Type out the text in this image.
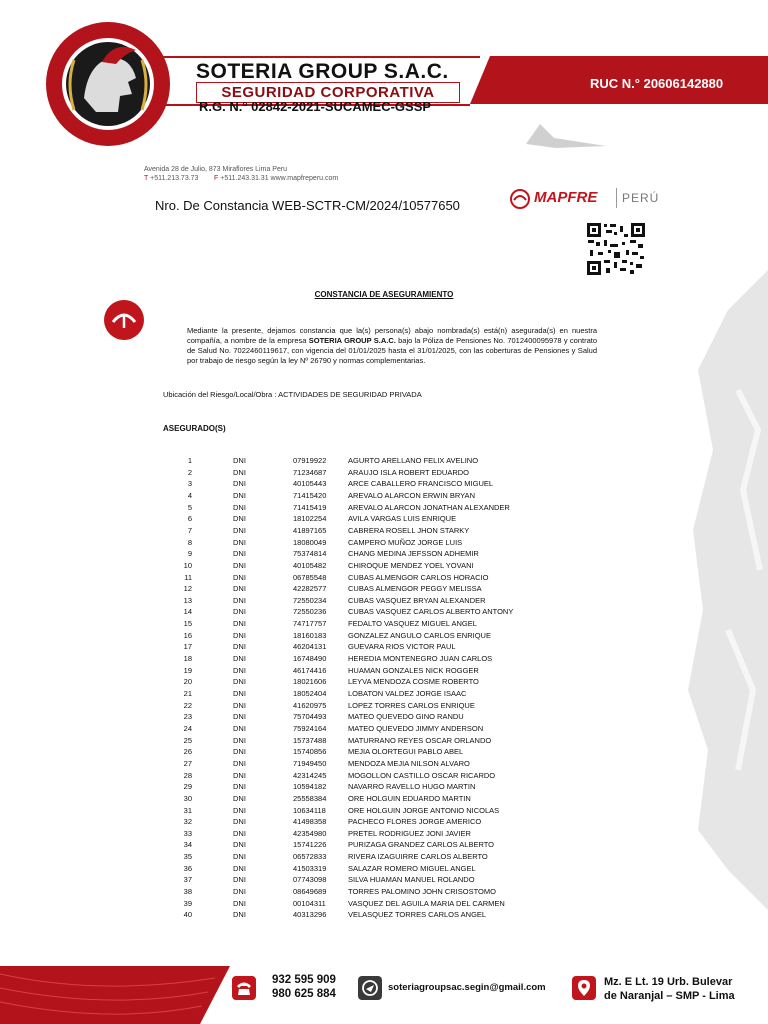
SOTERIA GROUP S.A.C.
SEGURIDAD CORPORATIVA
R.G. N.° 02842-2021-SUCAMEC-GSSP
RUC N.° 20606142880
Avenida 28 de Julio, 873 Miraflores Lima Peru
T +511.213.73.73 F +511.243.31.31 www.mapfreperu.com
Nro. De Constancia WEB-SCTR-CM/2024/10577650	MAPFRE PERÚ
CONSTANCIA DE ASEGURAMIENTO
Mediante la presente, dejamos constancia que la(s) persona(s) abajo nombrada(s) está(n) asegurada(s) en nuestra compañía, a nombre de la empresa SOTERIA GROUP S.A.C. bajo la Póliza de Pensiones No. 7012400095978 y contrato de Salud No. 7022460119617, con vigencia del 01/01/2025 hasta el 31/01/2025, con las coberturas de Pensiones y Salud por trabajo de riesgo según la ley Nº 26790 y normas complementarias.
Ubicación del Riesgo/Local/Obra : ACTIVIDADES DE SEGURIDAD PRIVADA
ASEGURADO(S)
1	DNI	07919922	AGURTO ARELLANO FELIX AVELINO
2	DNI	71234687	ARAUJO ISLA ROBERT EDUARDO
3	DNI	40105443	ARCE CABALLERO FRANCISCO MIGUEL
4	DNI	71415420	AREVALO ALARCON ERWIN BRYAN
5	DNI	71415419	AREVALO ALARCON JONATHAN ALEXANDER
6	DNI	18102254	AVILA VARGAS LUIS ENRIQUE
7	DNI	41897165	CABRERA ROSELL JHON STARKY
8	DNI	18080049	CAMPERO MUÑOZ JORGE LUIS
9	DNI	75374814	CHANG MEDINA JEFSSON ADHEMIR
10	DNI	40105482	CHIROQUE MENDEZ YOEL YOVANI
11	DNI	06785548	CUBAS ALMENGOR CARLOS HORACIO
12	DNI	42282577	CUBAS ALMENGOR PEGGY MELISSA
13	DNI	72550234	CUBAS VASQUEZ BRYAN ALEXANDER
14	DNI	72550236	CUBAS VASQUEZ CARLOS ALBERTO ANTONY
15	DNI	74717757	FEDALTO VASQUEZ MIGUEL ANGEL
16	DNI	18160183	GONZALEZ ANGULO CARLOS ENRIQUE
17	DNI	46204131	GUEVARA RIOS VICTOR PAUL
18	DNI	16748490	HEREDIA MONTENEGRO JUAN CARLOS
19	DNI	46174416	HUAMAN GONZALES NICK ROGGER
20	DNI	18021606	LEYVA MENDOZA COSME ROBERTO
21	DNI	18052404	LOBATON VALDEZ JORGE ISAAC
22	DNI	41620975	LOPEZ TORRES CARLOS ENRIQUE
23	DNI	75704493	MATEO QUEVEDO GINO RANDU
24	DNI	75924164	MATEO QUEVEDO JIMMY ANDERSON
25	DNI	15737488	MATURRANO REYES OSCAR ORLANDO
26	DNI	15740856	MEJIA OLORTEGUI PABLO ABEL
27	DNI	71949450	MENDOZA MEJIA NILSON ALVARO
28	DNI	42314245	MOGOLLON CASTILLO OSCAR RICARDO
29	DNI	10594182	NAVARRO RAVELLO HUGO MARTIN
30	DNI	25558384	ORE HOLGUIN EDUARDO MARTIN
31	DNI	10634118	ORE HOLGUIN JORGE ANTONIO NICOLAS
32	DNI	41498358	PACHECO FLORES JORGE AMERICO
33	DNI	42354980	PRETEL RODRIGUEZ JONI JAVIER
34	DNI	15741226	PURIZAGA GRANDEZ CARLOS ALBERTO
35	DNI	06572833	RIVERA IZAGUIRRE CARLOS ALBERTO
36	DNI	41503319	SALAZAR ROMERO MIGUEL ANGEL
37	DNI	07743098	SILVA HUAMAN MANUEL ROLANDO
38	DNI	08649689	TORRES PALOMINO JOHN CRISOSTOMO
39	DNI	00104311	VASQUEZ DEL AGUILA MARIA DEL CARMEN
40	DNI	40313296	VELASQUEZ TORRES CARLOS ANGEL
932 595 909
980 625 884
soteriagroupsac.segin@gmail.com	Mz. E Lt. 19 Urb. Bulevar
de Naranjal – SMP - Lima
